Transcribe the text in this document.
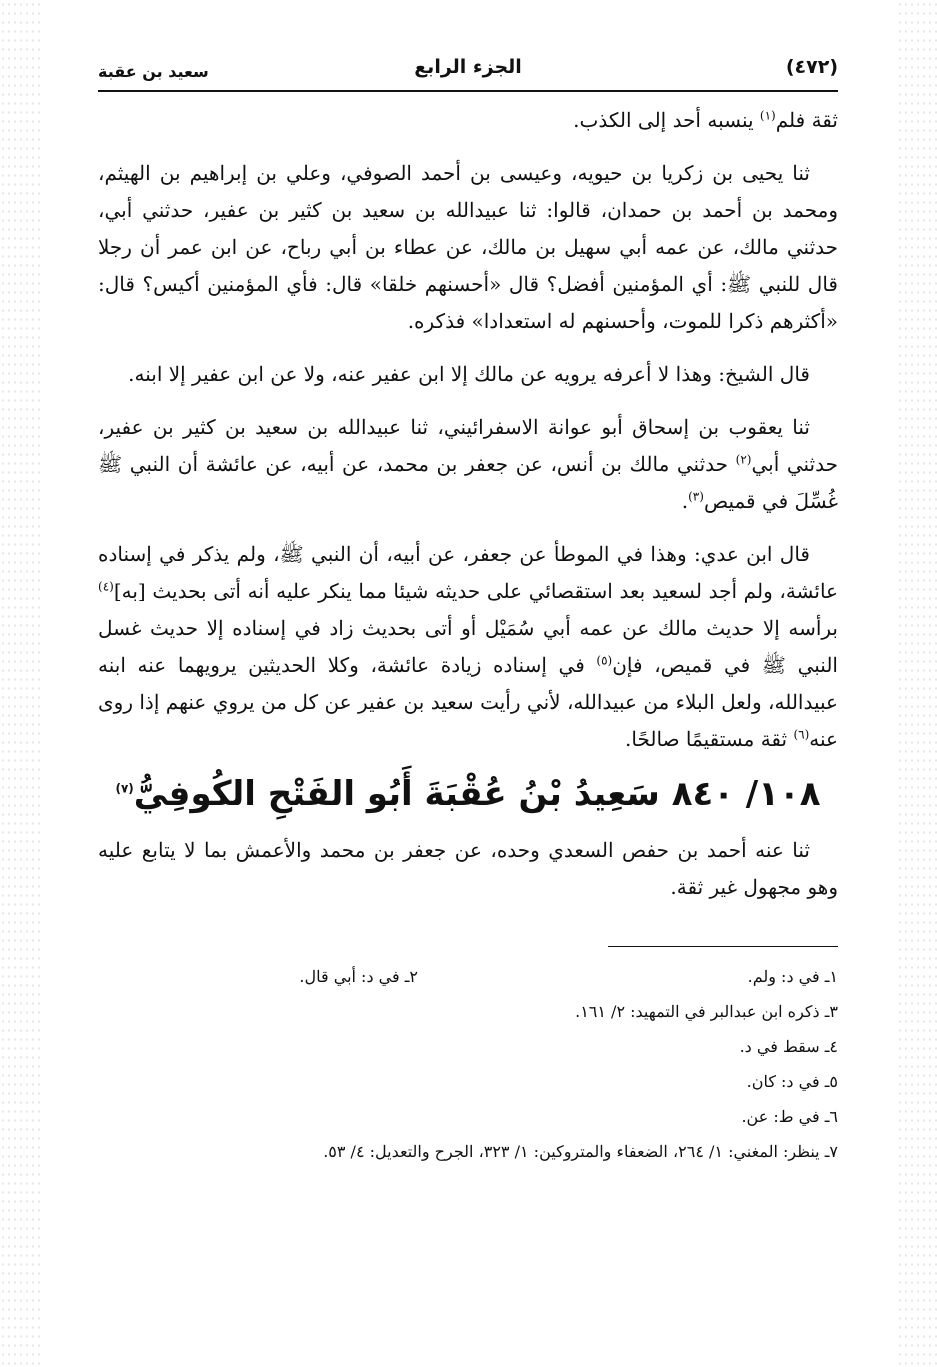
(٤٧٢)
الجزء الرابع
سعيد بن عقبة

ثقة فلم$^{(١)}$ ينسبه أحد إلى الكذب.

ثنا يحيى بن زكريا بن حيويه، وعيسى بن أحمد الصوفي، وعلي بن إبراهيم بن الهيثم، ومحمد بن أحمد بن حمدان، قالوا: ثنا عبيدالله بن سعيد بن كثير بن عفير، حدثني أبي، حدثني مالك، عن عمه أبي سهيل بن مالك، عن عطاء بن أبي رباح، عن ابن عمر أن رجلا قال للنبي ﷺ: أي المؤمنين أفضل؟ قال «أحسنهم خلقا» قال: فأي المؤمنين أكيس؟ قال: «أكثرهم ذكرا للموت، وأحسنهم له استعدادا» فذكره.

قال الشيخ: وهذا لا أعرفه يرويه عن مالك إلا ابن عفير عنه، ولا عن ابن عفير إلا ابنه.

ثنا يعقوب بن إسحاق أبو عوانة الاسفرائيني، ثنا عبيدالله بن سعيد بن كثير بن عفير، حدثني أبي$^{(٢)}$ حدثني مالك بن أنس، عن جعفر بن محمد، عن أبيه، عن عائشة أن النبي ﷺ غُسِّلَ في قميص$^{(٣)}$.

قال ابن عدي: وهذا في الموطأ عن جعفر، عن أبيه، أن النبي ﷺ، ولم يذكر في إسناده عائشة، ولم أجد لسعيد بعد استقصائي على حديثه شيئا مما ينكر عليه أنه أتى بحديث [به]$^{(٤)}$ برأسه إلا حديث مالك عن عمه أبي سُمَيْل أو أتى بحديث زاد في إسناده إلا حديث غسل النبي ﷺ في قميص، فإن$^{(٥)}$ في إسناده زيادة عائشة، وكلا الحديثين يرويهما عنه ابنه عبيدالله، ولعل البلاء من عبيدالله، لأني رأيت سعيد بن عفير عن كل من يروي عنهم إذا روى عنه$^{(٦)}$ ثقة مستقيمًا صالحًا.

١٠٨/ ٨٤٠ سَعِيدُ بْنُ عُقْبَةَ أَبُو الفَتْحِ الكُوفِيُّ$^{(٧)}$

ثنا عنه أحمد بن حفص السعدي وحده، عن جعفر بن محمد والأعمش بما لا يتابع عليه وهو مجهول غير ثقة.

١ـ في د: ولم.
٢ـ في د: أبي قال.
٣ـ ذكره ابن عبدالبر في التمهيد: ٢/ ١٦١.
٤ـ سقط في د.
٥ـ في د: كان.
٦ـ في ط: عن.
٧ـ ينظر: المغني: ١/ ٢٦٤، الضعفاء والمتروكين: ١/ ٣٢٣، الجرح والتعديل: ٤/ ٥٣.
